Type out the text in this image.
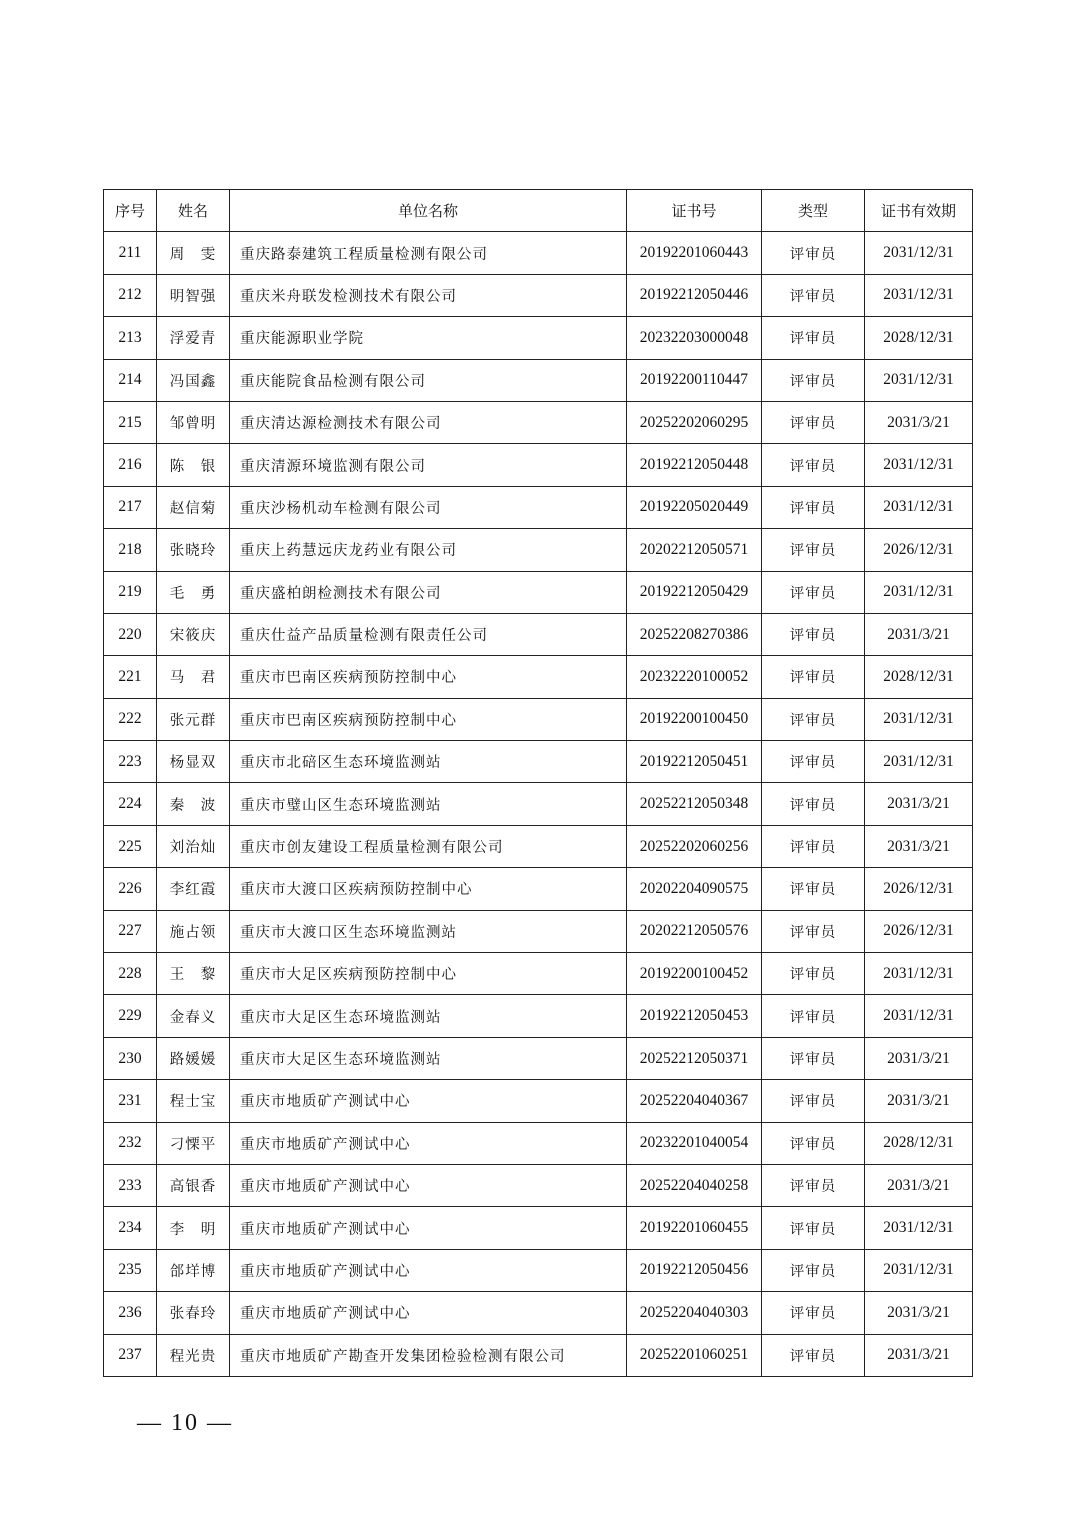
序号	姓名	单位名称	证书号	类型	证书有效期
211	周　雯	重庆路泰建筑工程质量检测有限公司	20192201060443	评审员	2031/12/31
212	明智强	重庆米舟联发检测技术有限公司	20192212050446	评审员	2031/12/31
213	浮爱青	重庆能源职业学院	20232203000048	评审员	2028/12/31
214	冯国鑫	重庆能院食品检测有限公司	20192200110447	评审员	2031/12/31
215	邹曾明	重庆清达源检测技术有限公司	20252202060295	评审员	2031/3/21
216	陈　银	重庆清源环境监测有限公司	20192212050448	评审员	2031/12/31
217	赵信菊	重庆沙杨机动车检测有限公司	20192205020449	评审员	2031/12/31
218	张晓玲	重庆上药慧远庆龙药业有限公司	20202212050571	评审员	2026/12/31
219	毛　勇	重庆盛柏朗检测技术有限公司	20192212050429	评审员	2031/12/31
220	宋筱庆	重庆仕益产品质量检测有限责任公司	20252208270386	评审员	2031/3/21
221	马　君	重庆市巴南区疾病预防控制中心	20232220100052	评审员	2028/12/31
222	张元群	重庆市巴南区疾病预防控制中心	20192200100450	评审员	2031/12/31
223	杨显双	重庆市北碚区生态环境监测站	20192212050451	评审员	2031/12/31
224	秦　波	重庆市璧山区生态环境监测站	20252212050348	评审员	2031/3/21
225	刘治灿	重庆市创友建设工程质量检测有限公司	20252202060256	评审员	2031/3/21
226	李红霞	重庆市大渡口区疾病预防控制中心	20202204090575	评审员	2026/12/31
227	施占领	重庆市大渡口区生态环境监测站	20202212050576	评审员	2026/12/31
228	王　黎	重庆市大足区疾病预防控制中心	20192200100452	评审员	2031/12/31
229	金春义	重庆市大足区生态环境监测站	20192212050453	评审员	2031/12/31
230	路媛媛	重庆市大足区生态环境监测站	20252212050371	评审员	2031/3/21
231	程士宝	重庆市地质矿产测试中心	20252204040367	评审员	2031/3/21
232	刁慄平	重庆市地质矿产测试中心	20232201040054	评审员	2028/12/31
233	高银香	重庆市地质矿产测试中心	20252204040258	评审员	2031/3/21
234	李　明	重庆市地质矿产测试中心	20192201060455	评审员	2031/12/31
235	郃垟博	重庆市地质矿产测试中心	20192212050456	评审员	2031/12/31
236	张春玲	重庆市地质矿产测试中心	20252204040303	评审员	2031/3/21
237	程光贵	重庆市地质矿产勘查开发集团检验检测有限公司	20252201060251	评审员	2031/3/21
— 10 —
